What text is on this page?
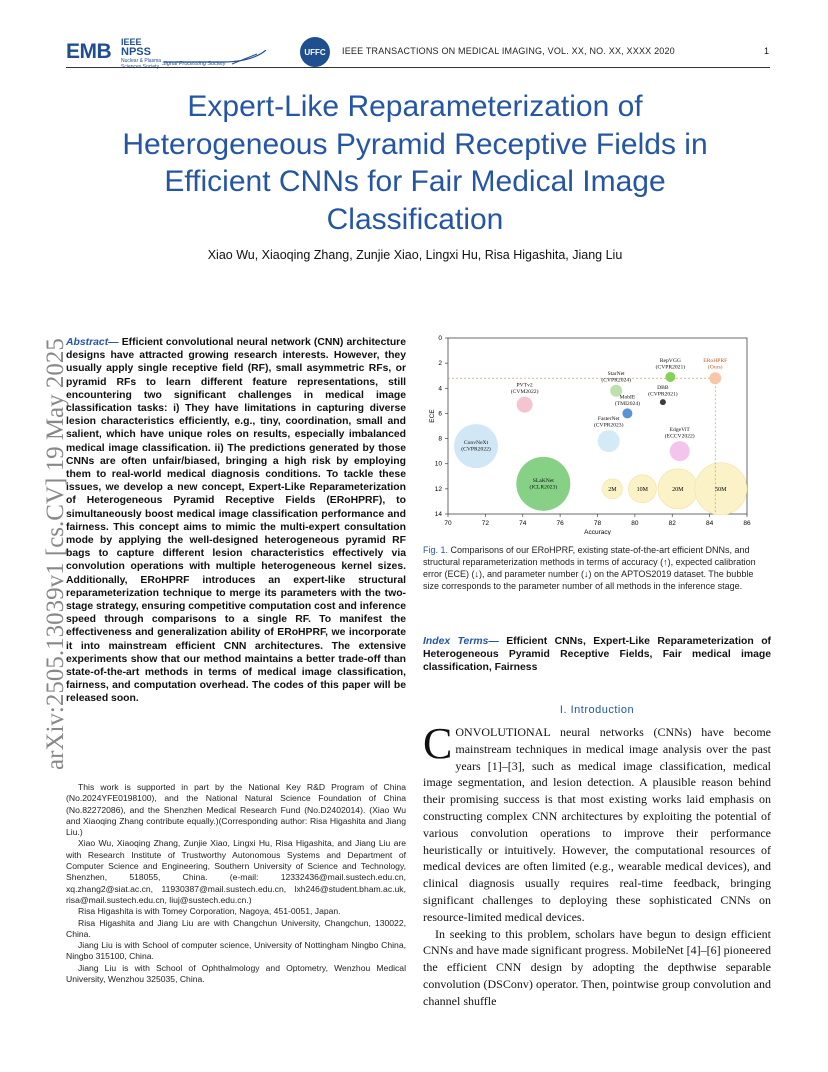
EMB IEEE
NPSS
Nuclear & Plasma Signal Processing Society
UFFC	IEEE TRANSACTIONS ON MEDICAL IMAGING, VOL. XX, NO. XX, XXXX 2020	1
Expert-Like Reparameterization of Heterogeneous Pyramid Receptive Fields in Efficient CNNs for Fair Medical Image Classification
Xiao Wu, Xiaoqing Zhang, Zunjie Xiao, Lingxi Hu, Risa Higashita, Jiang Liu
arXiv:2505.13039v1 [cs.CV] 19 May 2025
Abstract— Efficient convolutional neural network (CNN) architecture designs have attracted growing research interests. However, they usually apply single receptive field (RF), small asymmetric RFs, or pyramid RFs to learn different feature representations, still encountering two significant challenges in medical image classification tasks: i) They have limitations in capturing diverse lesion characteristics efficiently, e.g., tiny, coordination, small and salient, which have unique roles on results, especially imbalanced medical image classification. ii) The predictions generated by those CNNs are often unfair/biased, bringing a high risk by employing them to real-world medical diagnosis conditions. To tackle these issues, we develop a new concept, Expert-Like Reparameterization of Heterogeneous Pyramid Receptive Fields (ERoHPRF), to simultaneously boost medical image classification performance and fairness. This concept aims to mimic the multi-expert consultation mode by applying the well-designed heterogeneous pyramid RF bags to capture different lesion characteristics effectively via convolution operations with multiple heterogeneous kernel sizes. Additionally, ERoHPRF introduces an expert-like structural reparameterization technique to merge its parameters with the two-stage strategy, ensuring competitive computation cost and inference speed through comparisons to a single RF. To manifest the effectiveness and generalization ability of ERoHPRF, we incorporate it into mainstream efficient CNN architectures. The extensive experiments show that our method maintains a better trade-off than state-of-the-art methods in terms of medical image classification, fairness, and computation overhead. The codes of this paper will be released soon.

This work is supported in part by the National Key R&D Program of China (No.2024YFE0198100), and the National Natural Science Foundation of China (No.82272086), and the Shenzhen Medical Research Fund (No.D2402014). (Xiao Wu and Xiaoqing Zhang contribute equally.)(Corresponding author: Risa Higashita and Jiang Liu.)

Xiao Wu, Xiaoqing Zhang, Zunjie Xiao, Lingxi Hu, Risa Higashita, and Jiang Liu are with Research Institute of Trustworthy Autonomous Systems and Department of Computer Science and Engineering, Southern University of Science and Technology, Shenzhen, 518055, China. (e-mail: 12332436@mail.sustech.edu.cn, xq.zhang2@siat.ac.cn, 11930387@mail.sustech.edu.cn, lxh246@student.bham.ac.uk, risa@mail.sustech.edu.cn, liuj@sustech.edu.cn.)

Risa Higashita is with Tomey Corporation, Nagoya, 451-0051, Japan.

Risa Higashita and Jiang Liu are with Changchun University, Changchun, 130022, China.

Jiang Liu is with School of computer science, University of Nottingham Ningbo China, Ningbo 315100, China.

Jiang Liu is with School of Ophthalmology and Optometry, Wenzhou Medical University, Wenzhou 325035, China.

70	72	74	76	78	80	82	84	86
0
2
4
6
8
10
12
14
Accuracy
ECE
2M	10M	20M	50M
ConvNeXt
(CVPR2022)
SLaKNet
(ICLR2023)
PVTv2
(CVM2022)
StarNet
(CVPR2024)
MobIE
(TMI2024)
DBB
(CVPR2021)
FasterNet
(CVPR2023)
RepVGG
(CVPR2021)
EdgeViT
(ECCV2022)
ERoHPRF
(Ours)
Fig. 1. Comparisons of our ERoHPRF, existing state-of-the-art efficient DNNs, and structural reparameterization methods in terms of accuracy (↑), expected calibration error (ECE) (↓), and parameter number (↓) on the APTOS2019 dataset. The bubble size corresponds to the parameter number of all methods in the inference stage.
Index Terms— Efficient CNNs, Expert-Like Reparameterization of Heterogeneous Pyramid Receptive Fields, Fair medical image classification, Fairness
I. Introduction

CONVOLUTIONAL neural networks (CNNs) have become mainstream techniques in medical image analysis over the past years [1]–[3], such as medical image classification, medical image segmentation, and lesion detection. A plausible reason behind their promising success is that most existing works laid emphasis on constructing complex CNN architectures by exploiting the potential of various convolution operations to improve their performance heuristically or intuitively. However, the computational resources of medical devices are often limited (e.g., wearable medical devices), and clinical diagnosis usually requires real-time feedback, bringing significant challenges to deploying these sophisticated CNNs on resource-limited medical devices.

In seeking to this problem, scholars have begun to design efficient CNNs and have made significant progress. MobileNet [4]–[6] pioneered the efficient CNN design by adopting the depthwise separable convolution (DSConv) operator. Then, pointwise group convolution and channel shuffle
